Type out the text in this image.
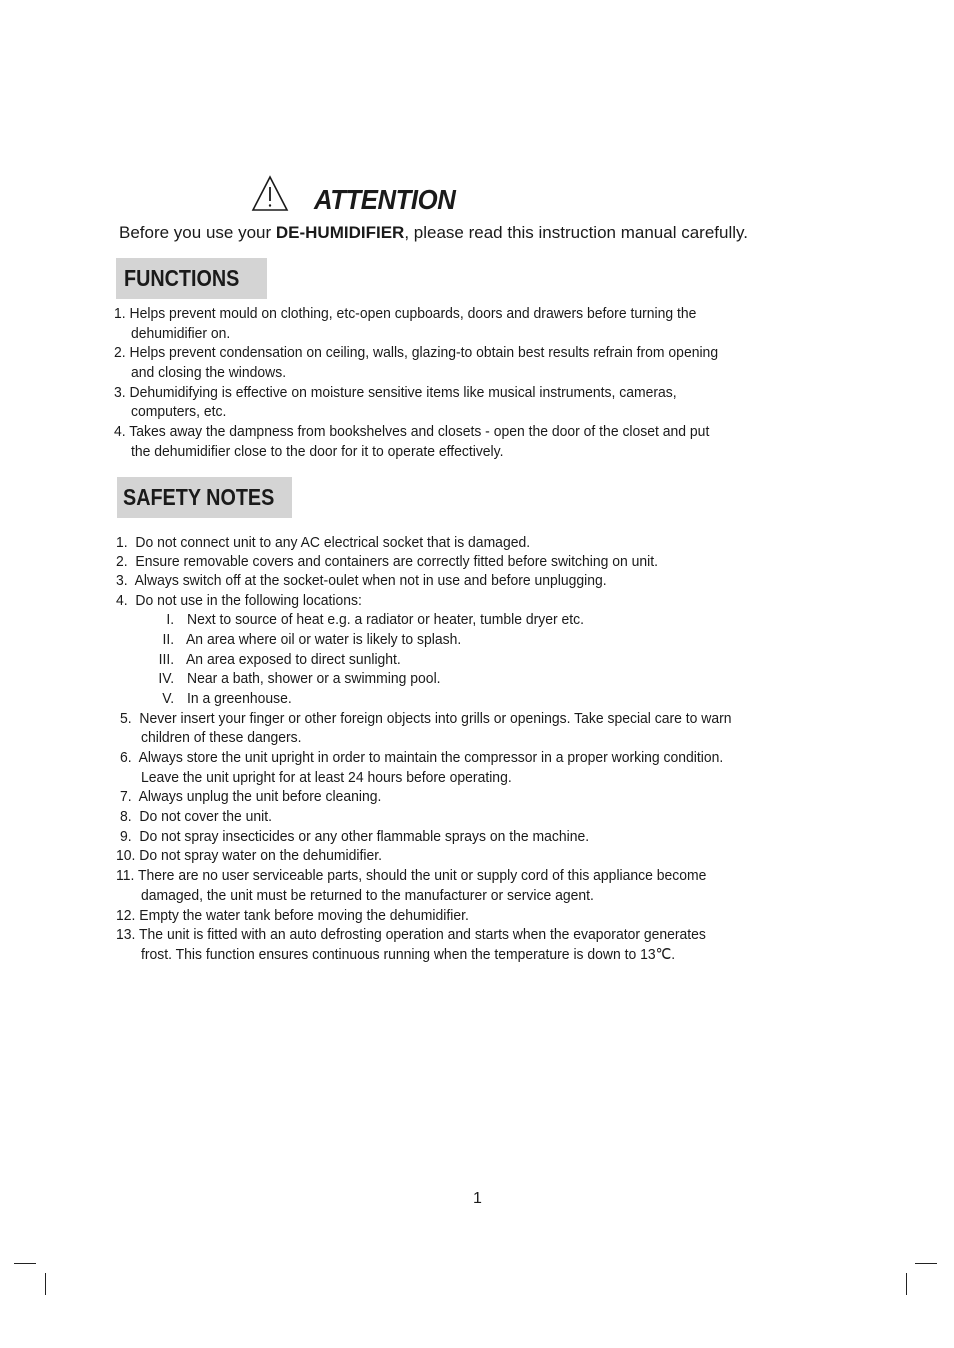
ATTENTION
Before you use your DE-HUMIDIFIER, please read this instruction manual carefully.
FUNCTIONS
1. Helps prevent mould on clothing, etc-open cupboards, doors and drawers before turning the
dehumidifier on.
2. Helps prevent condensation on ceiling, walls, glazing-to obtain best results refrain from opening
and closing the windows.
3. Dehumidifying is effective on moisture sensitive items like musical instruments, cameras,
computers, etc.
4. Takes away the dampness from bookshelves and closets - open the door of the closet and put
the dehumidifier close to the door for it to operate effectively.
SAFETY NOTES
1. Do not connect unit to any AC electrical socket that is damaged.
2. Ensure removable covers and containers are correctly fitted before switching on unit.
3. Always switch off at the socket-oulet when not in use and before unplugging.
4. Do not use in the following locations:
I. Next to source of heat e.g. a radiator or heater, tumble dryer etc.
II. An area where oil or water is likely to splash.
III. An area exposed to direct sunlight.
IV. Near a bath, shower or a swimming pool.
V. In a greenhouse.
5. Never insert your finger or other foreign objects into grills or openings. Take special care to warn
children of these dangers.
6. Always store the unit upright in order to maintain the compressor in a proper working condition.
Leave the unit upright for at least 24 hours before operating.
7. Always unplug the unit before cleaning.
8. Do not cover the unit.
9. Do not spray insecticides or any other flammable sprays on the machine.
10. Do not spray water on the dehumidifier.
11. There are no user serviceable parts, should the unit or supply cord of this appliance become
damaged, the unit must be returned to the manufacturer or service agent.
12. Empty the water tank before moving the dehumidifier.
13. The unit is fitted with an auto defrosting operation and starts when the evaporator generates
frost. This function ensures continuous running when the temperature is down to 13℃.
1
